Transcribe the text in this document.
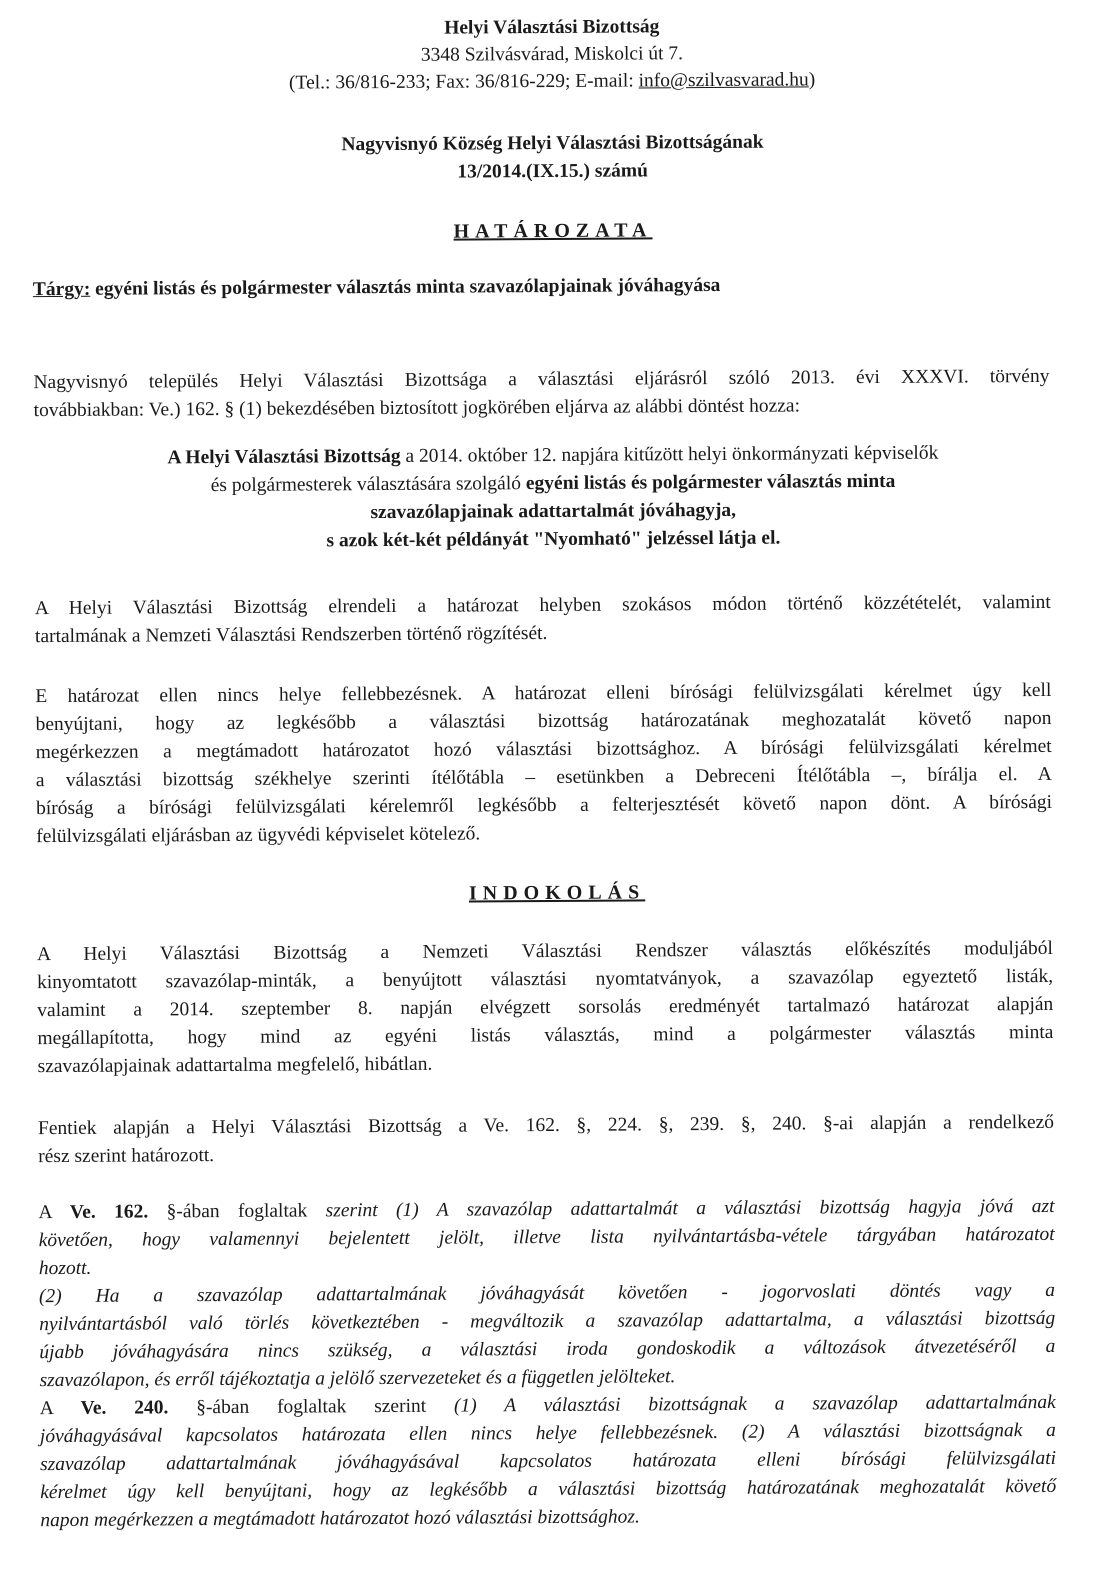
Helyi Választási Bizottság
3348 Szilvásvárad, Miskolci út 7.
(Tel.: 36/816-233; Fax: 36/816-229; E-mail: info@szilvasvarad.hu)
Nagyvisnyó Község Helyi Választási Bizottságának
13/2014.(IX.15.) számú
HATÁROZATA
Tárgy: egyéni listás és polgármester választás minta szavazólapjainak jóváhagyása
Nagyvisnyó település Helyi Választási Bizottsága a választási eljárásról szóló 2013. évi XXXVI. törvény
továbbiakban: Ve.) 162. § (1) bekezdésében biztosított jogkörében eljárva az alábbi döntést hozza:
A Helyi Választási Bizottság a 2014. október 12. napjára kitűzött helyi önkormányzati képviselők
és polgármesterek választására szolgáló egyéni listás és polgármester választás minta
szavazólapjainak adattartalmát jóváhagyja,
s azok két-két példányát "Nyomható" jelzéssel látja el.
A Helyi Választási Bizottság elrendeli a határozat helyben szokásos módon történő közzétételét, valamint
tartalmának a Nemzeti Választási Rendszerben történő rögzítését.
E határozat ellen nincs helye fellebbezésnek. A határozat elleni bírósági felülvizsgálati kérelmet úgy kell
benyújtani, hogy az legkésőbb a választási bizottság határozatának meghozatalát követő napon
megérkezzen a megtámadott határozatot hozó választási bizottsághoz. A bírósági felülvizsgálati kérelmet
a választási bizottság székhelye szerinti ítélőtábla – esetünkben a Debreceni Ítélőtábla –, bírálja el. A
bíróság a bírósági felülvizsgálati kérelemről legkésőbb a felterjesztését követő napon dönt. A bírósági
felülvizsgálati eljárásban az ügyvédi képviselet kötelező.
INDOKOLÁS
A Helyi Választási Bizottság a Nemzeti Választási Rendszer választás előkészítés moduljából
kinyomtatott szavazólap-minták, a benyújtott választási nyomtatványok, a szavazólap egyeztető listák,
valamint a 2014. szeptember 8. napján elvégzett sorsolás eredményét tartalmazó határozat alapján
megállapította, hogy mind az egyéni listás választás, mind a polgármester választás minta
szavazólapjainak adattartalma megfelelő, hibátlan.
Fentiek alapján a Helyi Választási Bizottság a Ve. 162. §, 224. §, 239. §, 240. §-ai alapján a rendelkező
rész szerint határozott.
A Ve. 162. §-ában foglaltak szerint (1) A szavazólap adattartalmát a választási bizottság hagyja jóvá azt
követően, hogy valamennyi bejelentett jelölt, illetve lista nyilvántartásba-vétele tárgyában határozatot
hozott.
(2) Ha a szavazólap adattartalmának jóváhagyását követően - jogorvoslati döntés vagy a
nyilvántartásból való törlés következtében - megváltozik a szavazólap adattartalma, a választási bizottság
újabb jóváhagyására nincs szükség, a választási iroda gondoskodik a változások átvezetéséről a
szavazólapon, és erről tájékoztatja a jelölő szervezeteket és a független jelölteket.
A Ve. 240. §-ában foglaltak szerint (1) A választási bizottságnak a szavazólap adattartalmának
jóváhagyásával kapcsolatos határozata ellen nincs helye fellebbezésnek. (2) A választási bizottságnak a
szavazólap adattartalmának jóváhagyásával kapcsolatos határozata elleni bírósági felülvizsgálati
kérelmet úgy kell benyújtani, hogy az legkésőbb a választási bizottság határozatának meghozatalát követő
napon megérkezzen a megtámadott határozatot hozó választási bizottsághoz.
